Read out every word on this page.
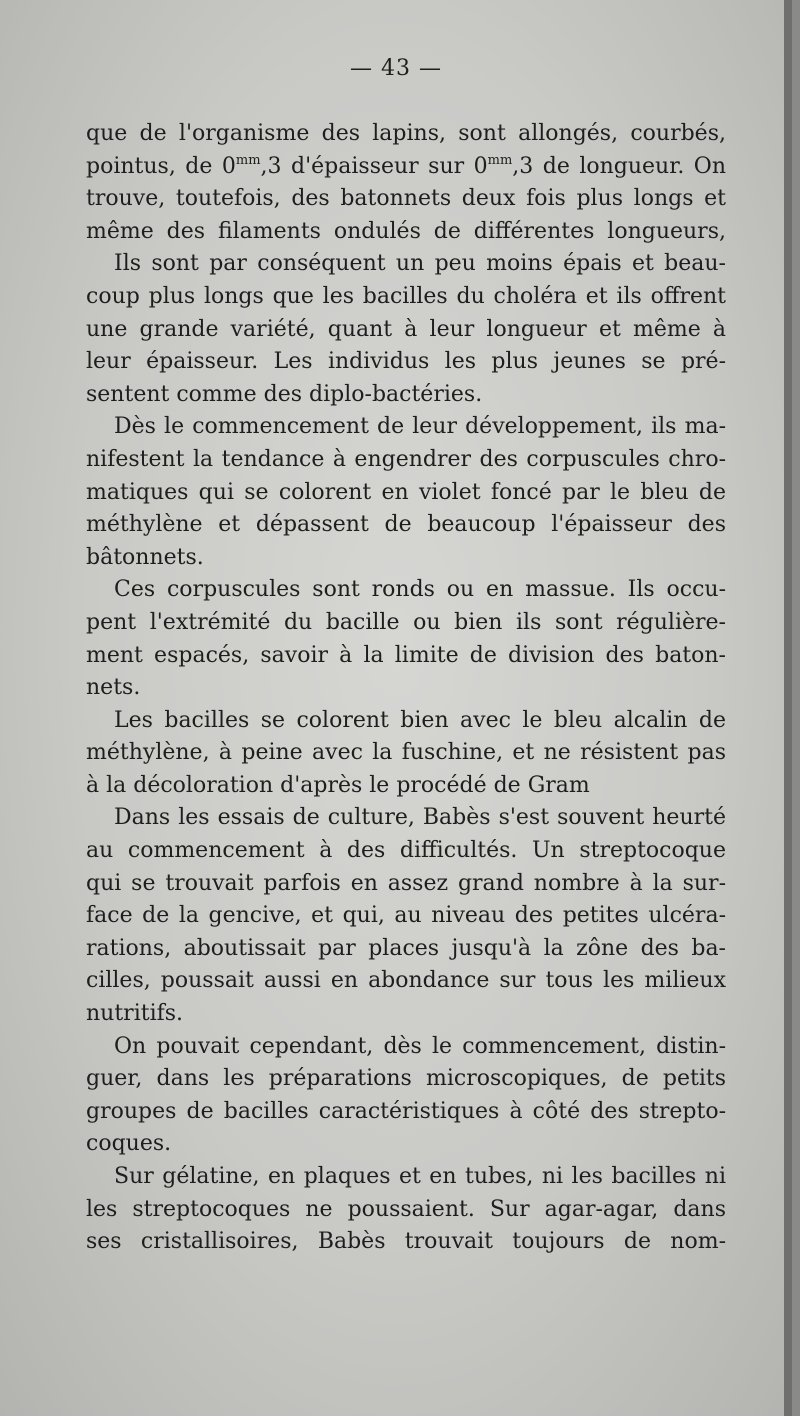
— 43 —
que de l'organisme des lapins, sont allongés, courbés,
pointus, de $0^{mm},3$ d'épaisseur sur $0^{mm},3$ de longueur. On
trouve, toutefois, des batonnets deux fois plus longs et
même des filaments ondulés de différentes longueurs,
Ils sont par conséquent un peu moins épais et beau-
coup plus longs que les bacilles du choléra et ils offrent
une grande variété, quant à leur longueur et même à
leur épaisseur. Les individus les plus jeunes se pré-
sentent comme des diplo-bactéries.
Dès le commencement de leur développement, ils ma-
nifestent la tendance à engendrer des corpuscules chro-
matiques qui se colorent en violet foncé par le bleu de
méthylène et dépassent de beaucoup l'épaisseur des
bâtonnets.
Ces corpuscules sont ronds ou en massue. Ils occu-
pent l'extrémité du bacille ou bien ils sont régulière-
ment espacés, savoir à la limite de division des baton-
nets.
Les bacilles se colorent bien avec le bleu alcalin de
méthylène, à peine avec la fuschine, et ne résistent pas
à la décoloration d'après le procédé de Gram
Dans les essais de culture, Babès s'est souvent heurté
au commencement à des difficultés. Un streptocoque
qui se trouvait parfois en assez grand nombre à la sur-
face de la gencive, et qui, au niveau des petites ulcéra-
rations, aboutissait par places jusqu'à la zône des ba-
cilles, poussait aussi en abondance sur tous les milieux
nutritifs.
On pouvait cependant, dès le commencement, distin-
guer, dans les préparations microscopiques, de petits
groupes de bacilles caractéristiques à côté des strepto-
coques.
Sur gélatine, en plaques et en tubes, ni les bacilles ni
les streptocoques ne poussaient. Sur agar-agar, dans
ses cristallisoires, Babès trouvait toujours de nom-
